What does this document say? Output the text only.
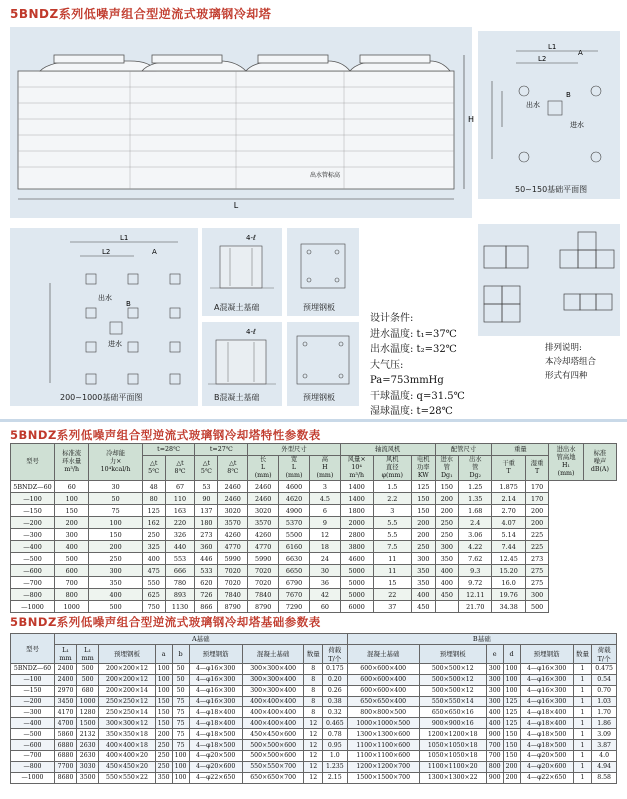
5BNDZ系列低噪声组合型逆流式玻璃钢冷却塔
L
H
出水管标高
L1
L2
A
B
出水
进水
50~150基础平面图
L1
L2	A
B
出水
进水
200~1000基础平面图
4-ℓ
A混凝土基础	预埋钢板
4-ℓ
B混凝土基础	预埋钢板
设计条件:
进水温度: t₁=37℃
出水温度: t₂=32℃
大气压: Pa=753mmHg
干球温度: q=31.5℃
湿球温度: t=28℃
排列说明:
本冷却塔组合
形式有四种
5BNDZ系列低噪声组合型逆流式玻璃钢冷却塔特性参数表
型号	标准流
环水量
m³/h	冷却能
力×
10⁴kcal/h	t=28℃		t=27℃		外型尺寸			轴流风机			配管尺寸		重量		进出水
管高地
H₁
(mm)	标准
噪声
dB(A)
			△t
5℃	△t
8℃	△t
5℃	△t
8℃	长
L
(mm)	宽
L
(mm)	高
H
(mm)	风量×
10⁴
m³/h	风机
直径
φ(mm)	电机
功率
KW	进水
管
Dg₁	出水
管
Dg₂	干重
T	湿重
T		
5BNDZ—60	60	30	48	67	53	2460	2460	4600	3	1400	1.5	125	150	1.25	1.875	170		
—100	100	50	80	110	90	2460	2460	4620	4.5	1400	2.2	150	200	1.35	2.14	170		
—150	150	75	125	163	137	3020	3020	4900	6	1800	3	150	200	1.68	2.70	200		
—200	200	100	162	220	180	3570	3570	5370	9	2000	5.5	200	250	2.4	4.07	200		
—300	300	150	250	326	273	4260	4260	5500	12	2800	5.5	200	250	3.06	5.14	225		
—400	400	200	325	440	360	4770	4770	6160	18	3800	7.5	250	300	4.22	7.44	225		
—500	500	250	400	553	446	5990	5990	6630	24	4600	11	300	350	7.62	12.45	273		
—600	600	300	475	666	533	7020	7020	6650	30	5000	11	350	400	9.3	15.20	275		
—700	700	350	550	780	620	7020	7020	6790	36	5000	15	350	400	9.72	16.0	275		
—800	800	400	625	893	726	7840	7840	7670	42	5000	22	400	450	12.11	19.76	300		
—1000	1000	500	750	1130	866	8790	8790	7290	60	6000	37	450		21.70	34.38	500		
5BNDZ系列低噪声组合型逆流式玻璃钢冷却塔基础参数表
型号	A基础									B基础						
	L₁
mm	L₁
mm	预埋钢板	a	b	预埋钢筋	混凝土基础	数量	荷载
T/个	混凝土基础	预埋钢板	e	d	预埋钢筋	数量	荷载
T/个
5BNDZ—60	2400	500	200×200×12	100	50	4—φ16×300	300×300×400	8	0.175	600×600×400	500×500×12	300	100	4—φ16×300	1	0.475
—100	2400	500	200×200×12	100	50	4—φ16×300	300×300×400	8	0.20	600×600×400	500×500×12	300	100	4—φ16×300	1	0.54
—150	2970	680	200×200×14	100	50	4—φ16×300	300×300×400	8	0.26	600×600×400	500×500×12	300	100	4—φ16×300	1	0.70
—200	3450	1000	250×250×12	150	75	4—φ16×300	400×400×400	8	0.38	650×650×400	550×550×14	300	125	4—φ16×300	1	1.03
—300	4170	1280	250×250×14	150	75	4—φ18×400	400×400×400	8	0.32	800×800×500	650×650×16	400	125	4—φ18×400	1	1.70
—400	4700	1500	300×300×12	150	75	4—φ18×400	400×400×400	12	0.465	1000×1000×500	900×900×16	400	125	4—φ18×400	1	1.86
—500	5860	2132	350×350×18	200	75	4—φ18×500	450×450×600	12	0.78	1300×1300×600	1200×1200×18	900	150	4—φ18×500	1	3.09
—600	6880	2630	400×400×18	250	75	4—φ18×500	500×500×600	12	0.95	1100×1100×600	1050×1050×18	700	150	4—φ18×500	1	3.87
—700	6880	2630	400×400×20	250	100	4—φ20×500	500×500×600	12	1.0	1100×1100×600	1050×1050×18	700	150	4—φ20×500	1	4.0
—800	7700	3030	450×450×20	250	100	4—φ20×600	550×550×700	12	1.235	1200×1200×700	1100×1100×20	800	200	4—φ20×600	1	4.94
—1000	8680	3500	550×550×22	350	100	4—φ22×650	650×650×700	12	2.15	1500×1500×700	1300×1300×22	900	200	4—φ22×650	1	8.58
